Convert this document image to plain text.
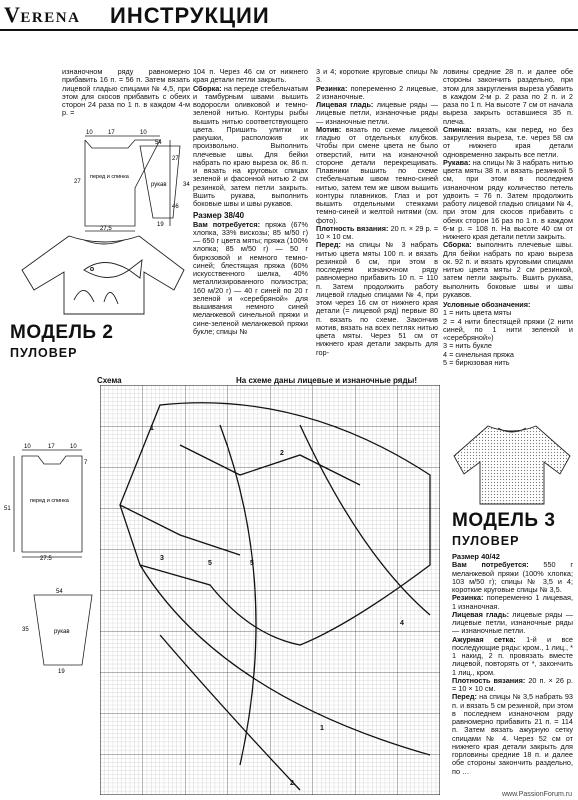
VERENA ИНСТРУКЦИИ

изнаночном ряду равномерно прибавить 16 п. = 56 п. Затем вязать лицевой гладью спицами № 4,5, при этом для скосов прибавить с обеих сторон 24 раза по 1 п. в каждом 4-м р. =

10	17	10
27
46
27
27,5
перед и спинка
54
34
19
рукав
МОДЕЛЬ 2
ПУЛОВЕР

104 п. Через 46 см от нижнего края детали петли закрыть.

Сборка: на переде стебельчатым и тамбурным швами вышить водоросли оливковой и темно-зеленой нитью. Контуры рыбы вышить нитью соответствующего цвета. Пришить улитки и ракушки, расположив их произвольно. Выполнить плечевые швы. Для бейки набрать по краю выреза ок. 86 п. и вязать на круговых спицах зеленой и фасонной нитью 2 см резинкой, затем петли закрыть. Вшить рукава, выполнить боковые швы и швы рукавов.

Размер 38/40

Вам потребуется: пряжа (67% хлопка, 33% вискозы; 85 м/50 г) — 650 г цвета мяты; пряжа (100% хлопка; 85 м/50 г) — 50 г бирюзовой и немного темно-синей; блестящая пряжа (60% искусственного шелка, 40% металлизированного полиэстра; 160 м/20 г) — 40 г синей по 20 г зеленой и «серебряной» для вышивания немного синей меланжевой синельной пряжи и сине-зеленой меланжевой пряжи букле; спицы №

3 и 4; короткие круговые спицы № 3.

Резинка: попеременно 2 лицевые, 2 изнаночные.

Лицевая гладь: лицевые ряды — лицевые петли, изнаночные ряды — изнаночные петли.

Мотив: вязать по схеме лицевой гладью от отдельных клубков. Чтобы при смене цвета не было отверстий, нити на изнаночной стороне детали перекрещивать. Плавники вышить по схеме стебельчатым швом темно-синей нитью, затем тем же швом вышить контуры плавников. Глаз и рот вышить отдельными стежками темно-синей и желтой нитями (см. фото).

Плотность вязания: 20 п. × 29 р. = 10 × 10 см.

Перед: на спицы № 3 набрать нитью цвета мяты 100 п. и вязать резинкой 6 см, при этом в последнем изнаночном ряду равномерно прибавить 10 п. = 110 п. Затем продолжить работу лицевой гладью спицами № 4, при этом через 16 см от нижнего края детали (= лицевой ряд) первые 80 п. вязать по схеме. Закончив мотив, вязать на всех петлях нитью цвета мяты. Через 51 см от нижнего края детали закрыть для гор-

ловины средние 28 п. и далее обе стороны закончить раздельно, при этом для закругления выреза убавить в каждом 2-м р. 2 раза по 2 п. и 2 раза по 1 п. На высоте 7 см от начала выреза закрыть оставшиеся 35 п. плеча.

Спинка: вязать, как перед, но без закругления выреза, т.е. через 58 см от нижнего края детали одновременно закрыть все петли.

Рукава: на спицы № 3 набрать нитью цвета мяты 38 п. и вязать резинкой 5 см, при этом в последнем изнаночном ряду количество петель удвоить = 76 п. Затем продолжить работу лицевой гладью спицами № 4, при этом для скосов прибавить с обеих сторон 16 раз по 1 п. в каждом 6-м р. = 108 п. На высоте 40 см от нижнего края детали петли закрыть.

Сборка: выполнить плечевые швы. Для бейки набрать по краю выреза ок. 92 п. и вязать круговыми спицами нитью цвета мяты 2 см резинкой, затем петли закрыть. Вшить рукава, выполнить боковые швы и швы рукавов.

Условные обозначения:

1 = нить цвета мяты

2 = 4 нити блестящей пряжи (2 нити синей, по 1 нити зеленой и «серебряной»)

3 = нить букле

4 = синельная пряжа

5 = бирюзовая нить

Схема	На схеме даны лицевые и изнаночные ряды!
1
2
5	5
4
3
2
1
10	17	10
7
51
27,5
перед и спинка
54
35
19
рукав
МОДЕЛЬ 3
ПУЛОВЕР

Размер 40/42

Вам потребуется: 550 г меланжевой пряжи (100% хлопка; 103 м/50 г); спицы № 3,5 и 4; короткие круговые спицы № 3,5.

Резинка: попеременно 1 лицевая, 1 изнаночная.

Лицевая гладь: лицевые ряды — лицевые петли, изнаночные ряды — изнаночные петли.

Ажурная сетка: 1-й и все последующие ряды: кром., 1 лиц., * 1 накид, 2 п. провязать вместе лицевой, повторять от *, закончить 1 лиц., кром.

Плотность вязания: 20 п. × 26 р. = 10 × 10 см.

Перед: на спицы № 3,5 набрать 93 п. и вязать 5 см резинкой, при этом в последнем изнаночном ряду равномерно прибавить 21 п. = 114 п. Затем вязать ажурную сетку спицами № 4. Через 52 см от нижнего края детали закрыть для горловины средние 18 п. и далее обе стороны закончить раздельно, по …

www.PassionForum.ru
